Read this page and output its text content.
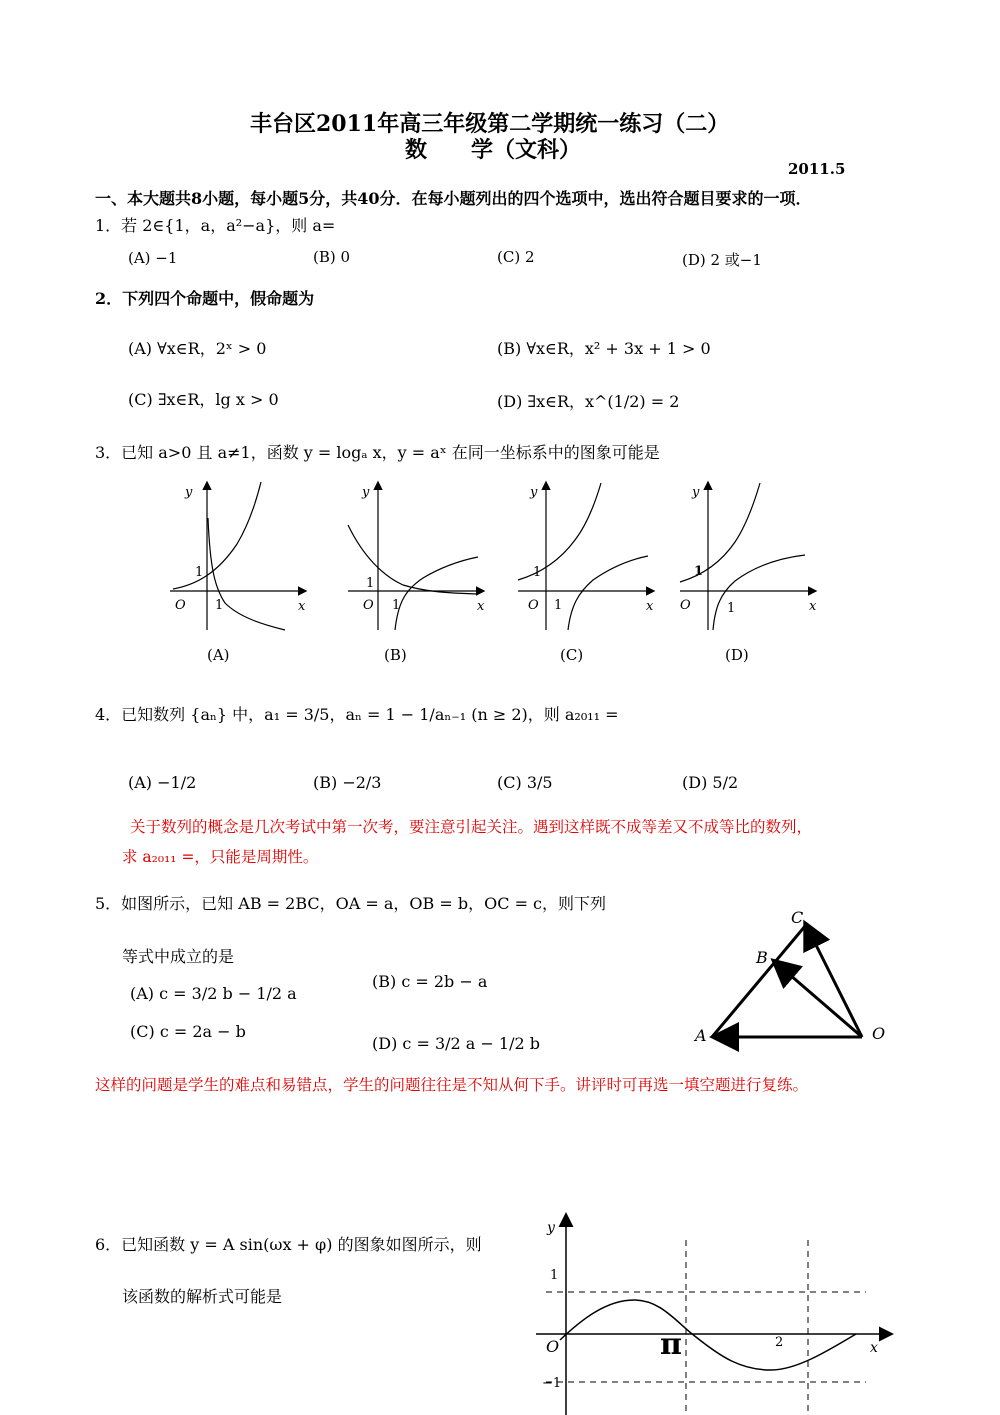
丰台区2011年高三年级第二学期统一练习（二）
数　　学（文科）
2011.5
一、本大题共8小题，每小题5分，共40分．在每小题列出的四个选项中，选出符合题目要求的一项．
1．若 2∈{1，a，a²−a}，则 a=
(A) −1	(B) 0	(C) 2	(D) 2 或−1
2．下列四个命题中，假命题为
(A) ∀x∈R，2ˣ > 0	(B) ∀x∈R，x² + 3x + 1 > 0
(C) ∃x∈R，lg x > 0	(D) ∃x∈R，x^(1/2) = 2
3．已知 a>0 且 a≠1，函数 y = logₐ x，y = aˣ 在同一坐标系中的图象可能是
y
x
O
1
1
y
x
O
1
1
y
x
O
1
1
y
x
O
1
1
(A)	(B)	(C)	(D)
4．已知数列 {aₙ} 中，a₁ = 3/5，aₙ = 1 − 1/aₙ₋₁ (n ≥ 2)，则 a₂₀₁₁ =
(A) −1/2	(B) −2/3	(C) 3/5	(D) 5/2
关于数列的概念是几次考试中第一次考，要注意引起关注。遇到这样既不成等差又不成等比的数列，
求 a₂₀₁₁ =，只能是周期性。
5．如图所示，已知 AB = 2BC，OA = a，OB = b，OC = c，则下列
等式中成立的是
(A) c = 3/2 b − 1/2 a
(B) c = 2b − a
(C) c = 2a − b
(D) c = 3/2 a − 1/2 b
C
B
A	O
这样的问题是学生的难点和易错点，学生的问题往往是不知从何下手。讲评时可再选一填空题进行复练。
6．已知函数 y = A sin(ωx + φ) 的图象如图所示，则
该函数的解析式可能是
y
x
1
−1
O	π	2
